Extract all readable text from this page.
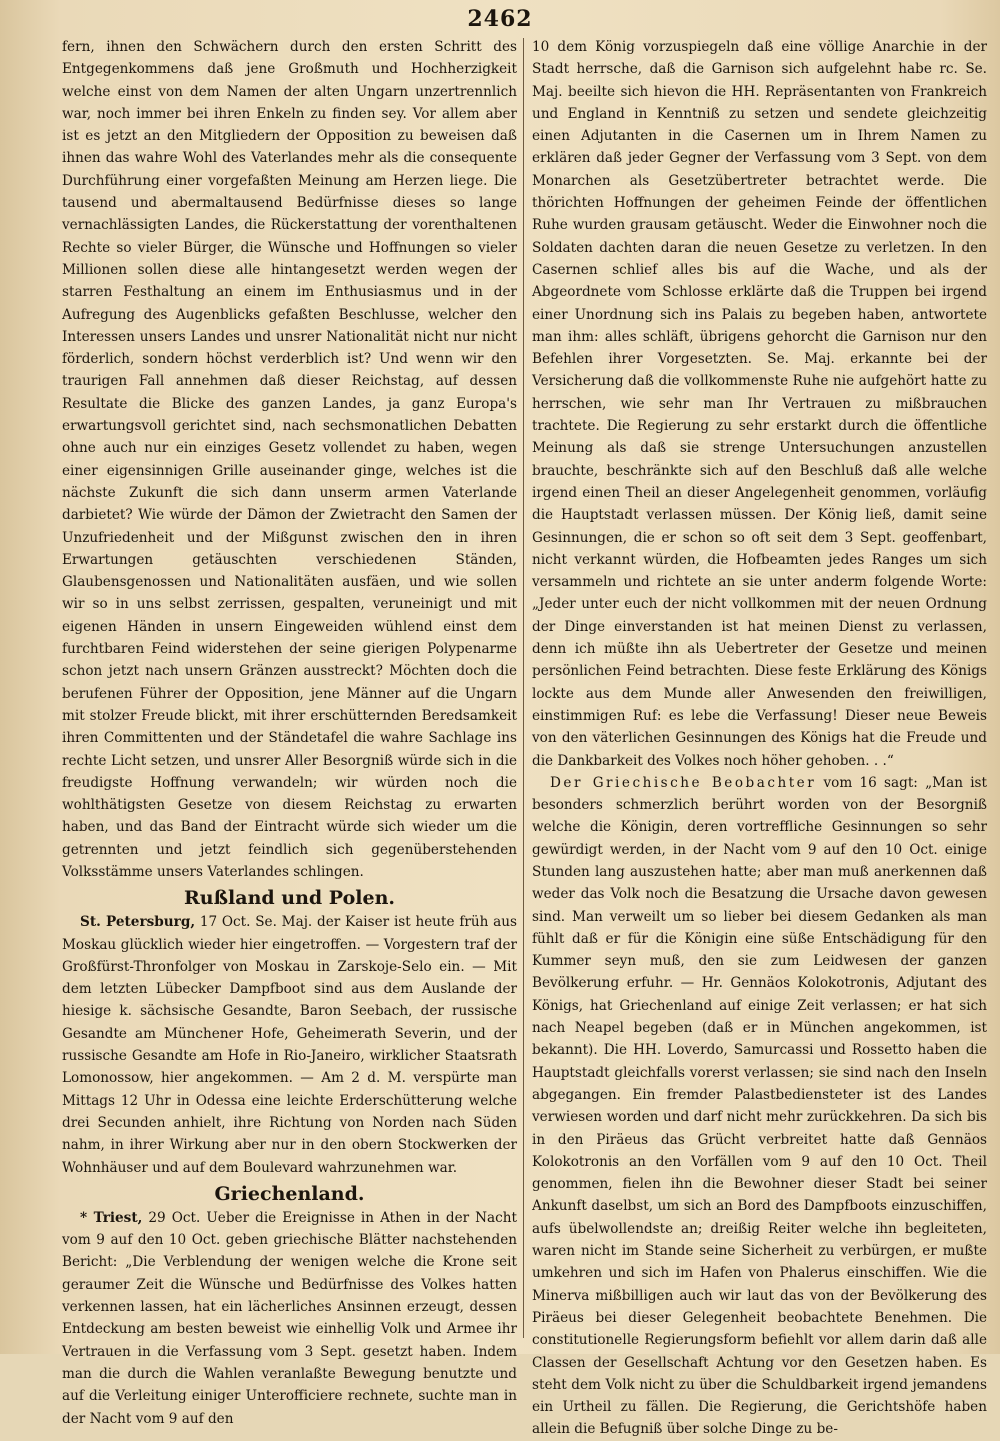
2462

fern, ihnen den Schwächern durch den ersten Schritt des Entgegenkommens daß jene Großmuth und Hochherzigkeit welche einst von dem Namen der alten Ungarn unzertrennlich war, noch immer bei ihren Enkeln zu finden sey. Vor allem aber ist es jetzt an den Mitgliedern der Opposition zu beweisen daß ihnen das wahre Wohl des Vaterlandes mehr als die consequente Durchführung einer vorgefaßten Meinung am Herzen liege. Die tausend und abermaltausend Bedürfnisse dieses so lange vernachlässigten Landes, die Rückerstattung der vorenthaltenen Rechte so vieler Bürger, die Wünsche und Hoffnungen so vieler Millionen sollen diese alle hintangesetzt werden wegen der starren Festhaltung an einem im Enthusiasmus und in der Aufregung des Augenblicks gefaßten Beschlusse, welcher den Interessen unsers Landes und unsrer Nationalität nicht nur nicht förderlich, sondern höchst verderblich ist? Und wenn wir den traurigen Fall annehmen daß dieser Reichstag, auf dessen Resultate die Blicke des ganzen Landes, ja ganz Europa's erwartungsvoll gerichtet sind, nach sechsmonatlichen Debatten ohne auch nur ein einziges Gesetz vollendet zu haben, wegen einer eigensinnigen Grille auseinander ginge, welches ist die nächste Zukunft die sich dann unserm armen Vaterlande darbietet? Wie würde der Dämon der Zwietracht den Samen der Unzufriedenheit und der Mißgunst zwischen den in ihren Erwartungen getäuschten verschiedenen Ständen, Glaubensgenossen und Nationalitäten ausfäen, und wie sollen wir so in uns selbst zerrissen, gespalten, veruneinigt und mit eigenen Händen in unsern Eingeweiden wühlend einst dem furchtbaren Feind widerstehen der seine gierigen Polypenarme schon jetzt nach unsern Gränzen ausstreckt? Möchten doch die berufenen Führer der Opposition, jene Männer auf die Ungarn mit stolzer Freude blickt, mit ihrer erschütternden Beredsamkeit ihren Committenten und der Ständetafel die wahre Sachlage ins rechte Licht setzen, und unsrer Aller Besorgniß würde sich in die freudigste Hoffnung verwandeln; wir würden noch die wohlthätigsten Gesetze von diesem Reichstag zu erwarten haben, und das Band der Eintracht würde sich wieder um die getrennten und jetzt feindlich sich gegenüberstehenden Volksstämme unsers Vaterlandes schlingen.

Rußland und Polen.

St. Petersburg, 17 Oct. Se. Maj. der Kaiser ist heute früh aus Moskau glücklich wieder hier eingetroffen. — Vorgestern traf der Großfürst-Thronfolger von Moskau in Zarskoje-Selo ein. — Mit dem letzten Lübecker Dampfboot sind aus dem Auslande der hiesige k. sächsische Gesandte, Baron Seebach, der russische Gesandte am Münchener Hofe, Geheimerath Severin, und der russische Gesandte am Hofe in Rio-Janeiro, wirklicher Staatsrath Lomonossow, hier angekommen. — Am 2 d. M. verspürte man Mittags 12 Uhr in Odessa eine leichte Erderschütterung welche drei Secunden anhielt, ihre Richtung von Norden nach Süden nahm, in ihrer Wirkung aber nur in den obern Stockwerken der Wohnhäuser und auf dem Boulevard wahrzunehmen war.

Griechenland.

* Triest, 29 Oct. Ueber die Ereignisse in Athen in der Nacht vom 9 auf den 10 Oct. geben griechische Blätter nachstehenden Bericht: „Die Verblendung der wenigen welche die Krone seit geraumer Zeit die Wünsche und Bedürfnisse des Volkes hatten verkennen lassen, hat ein lächerliches Ansinnen erzeugt, dessen Entdeckung am besten beweist wie einhellig Volk und Armee ihr Vertrauen in die Verfassung vom 3 Sept. gesetzt haben. Indem man die durch die Wahlen veranlaßte Bewegung benutzte und auf die Verleitung einiger Unterofficiere rechnete, suchte man in der Nacht vom 9 auf den

10 dem König vorzuspiegeln daß eine völlige Anarchie in der Stadt herrsche, daß die Garnison sich aufgelehnt habe rc. Se. Maj. beeilte sich hievon die HH. Repräsentanten von Frankreich und England in Kenntniß zu setzen und sendete gleichzeitig einen Adjutanten in die Casernen um in Ihrem Namen zu erklären daß jeder Gegner der Verfassung vom 3 Sept. von dem Monarchen als Gesetzübertreter betrachtet werde. Die thörichten Hoffnungen der geheimen Feinde der öffentlichen Ruhe wurden grausam getäuscht. Weder die Einwohner noch die Soldaten dachten daran die neuen Gesetze zu verletzen. In den Casernen schlief alles bis auf die Wache, und als der Abgeordnete vom Schlosse erklärte daß die Truppen bei irgend einer Unordnung sich ins Palais zu begeben haben, antwortete man ihm: alles schläft, übrigens gehorcht die Garnison nur den Befehlen ihrer Vorgesetzten. Se. Maj. erkannte bei der Versicherung daß die vollkommenste Ruhe nie aufgehört hatte zu herrschen, wie sehr man Ihr Vertrauen zu mißbrauchen trachtete. Die Regierung zu sehr erstarkt durch die öffentliche Meinung als daß sie strenge Untersuchungen anzustellen brauchte, beschränkte sich auf den Beschluß daß alle welche irgend einen Theil an dieser Angelegenheit genommen, vorläufig die Hauptstadt verlassen müssen. Der König ließ, damit seine Gesinnungen, die er schon so oft seit dem 3 Sept. geoffenbart, nicht verkannt würden, die Hofbeamten jedes Ranges um sich versammeln und richtete an sie unter anderm folgende Worte: „Jeder unter euch der nicht vollkommen mit der neuen Ordnung der Dinge einverstanden ist hat meinen Dienst zu verlassen, denn ich müßte ihn als Uebertreter der Gesetze und meinen persönlichen Feind betrachten. Diese feste Erklärung des Königs lockte aus dem Munde aller Anwesenden den freiwilligen, einstimmigen Ruf: es lebe die Verfassung! Dieser neue Beweis von den väterlichen Gesinnungen des Königs hat die Freude und die Dankbarkeit des Volkes noch höher gehoben. . .“

Der Griechische Beobachter vom 16 sagt: „Man ist besonders schmerzlich berührt worden von der Besorgniß welche die Königin, deren vortreffliche Gesinnungen so sehr gewürdigt werden, in der Nacht vom 9 auf den 10 Oct. einige Stunden lang auszustehen hatte; aber man muß anerkennen daß weder das Volk noch die Besatzung die Ursache davon gewesen sind. Man verweilt um so lieber bei diesem Gedanken als man fühlt daß er für die Königin eine süße Entschädigung für den Kummer seyn muß, den sie zum Leidwesen der ganzen Bevölkerung erfuhr. — Hr. Gennäos Kolokotronis, Adjutant des Königs, hat Griechenland auf einige Zeit verlassen; er hat sich nach Neapel begeben (daß er in München angekommen, ist bekannt). Die HH. Loverdo, Samurcassi und Rossetto haben die Hauptstadt gleichfalls vorerst verlassen; sie sind nach den Inseln abgegangen. Ein fremder Palastbediensteter ist des Landes verwiesen worden und darf nicht mehr zurückkehren. Da sich bis in den Piräeus das Grücht verbreitet hatte daß Gennäos Kolokotronis an den Vorfällen vom 9 auf den 10 Oct. Theil genommen, fielen ihn die Bewohner dieser Stadt bei seiner Ankunft daselbst, um sich an Bord des Dampfboots einzuschiffen, aufs übelwollendste an; dreißig Reiter welche ihn begleiteten, waren nicht im Stande seine Sicherheit zu verbürgen, er mußte umkehren und sich im Hafen von Phalerus einschiffen. Wie die Minerva mißbilligen auch wir laut das von der Bevölkerung des Piräeus bei dieser Gelegenheit beobachtete Benehmen. Die constitutionelle Regierungsform befiehlt vor allem darin daß alle Classen der Gesellschaft Achtung vor den Gesetzen haben. Es steht dem Volk nicht zu über die Schuldbarkeit irgend jemandens ein Urtheil zu fällen. Die Regierung, die Gerichtshöfe haben allein die Befugniß über solche Dinge zu be-
